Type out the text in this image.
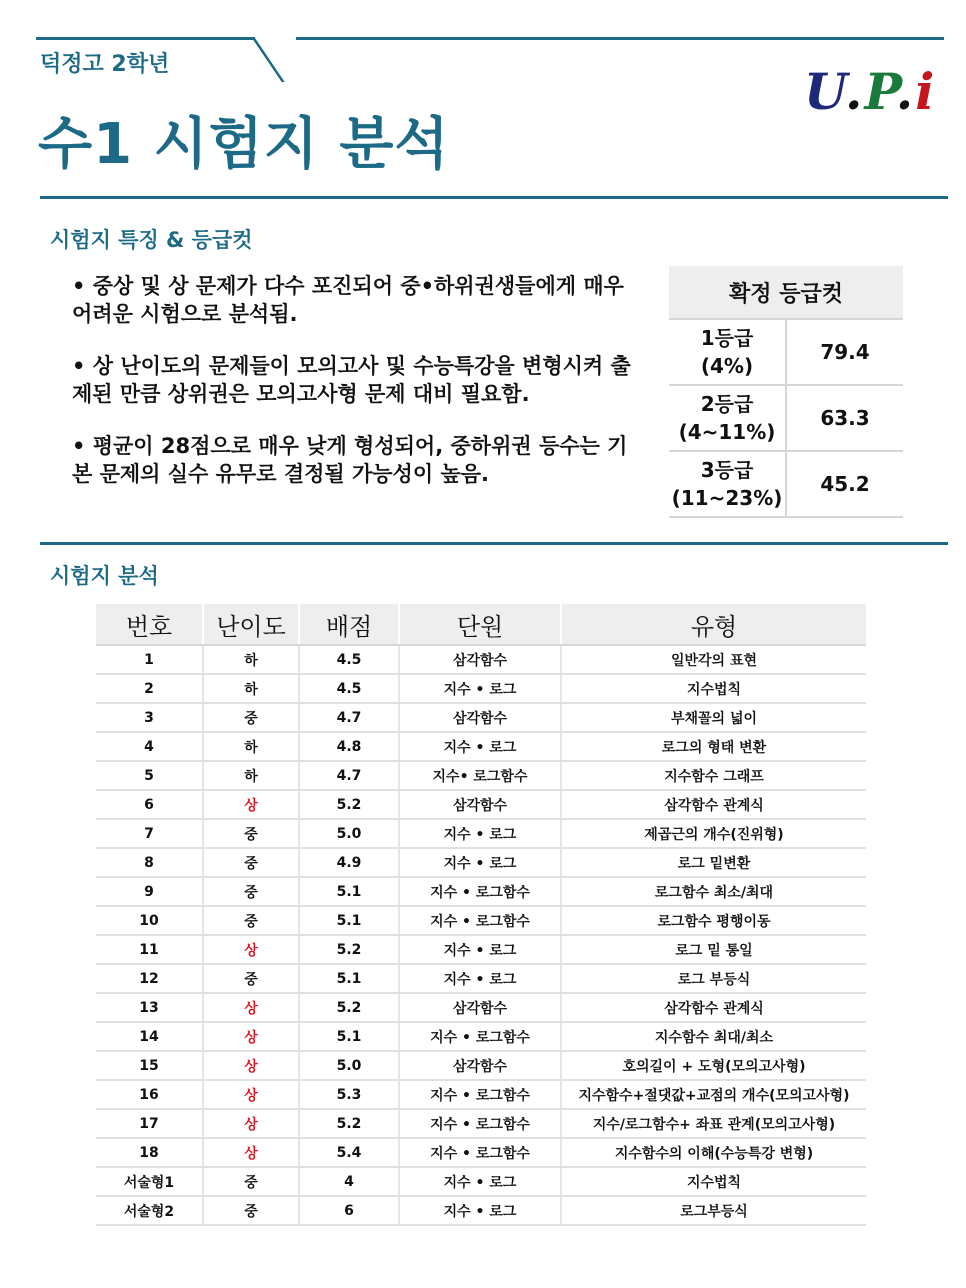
덕정고 2학년
수1 시험지 분석
U.P.i
시험지 특징 & 등급컷

• 중상 및 상 문제가 다수 포진되어 중•하위권생들에게 매우 어려운 시험으로 분석됨.

• 상 난이도의 문제들이 모의고사 및 수능특강을 변형시켜 출제된 만큼 상위권은 모의고사형 문제 대비 필요함.

• 평균이 28점으로 매우 낮게 형성되어, 중하위권 등수는 기본 문제의 실수 유무로 결정될 가능성이 높음.

확정 등급컷	

1등급
(4%)	79.4

2등급
(4~11%)	63.3

3등급
(11~23%)	45.2
시험지 분석
번호	난이도	배점	단원	유형
1	하	4.5	삼각함수	일반각의 표현
2	하	4.5	지수 • 로그	지수법칙
3	중	4.7	삼각함수	부채꼴의 넓이
4	하	4.8	지수 • 로그	로그의 형태 변환
5	하	4.7	지수• 로그함수	지수함수 그래프
6	상	5.2	삼각함수	삼각함수 관계식
7	중	5.0	지수 • 로그	제곱근의 개수(진위형)
8	중	4.9	지수 • 로그	로그 밑변환
9	중	5.1	지수 • 로그함수	로그함수 최소/최대
10	중	5.1	지수 • 로그함수	로그함수 평행이동
11	상	5.2	지수 • 로그	로그 밑 통일
12	중	5.1	지수 • 로그	로그 부등식
13	상	5.2	삼각함수	삼각함수 관계식
14	상	5.1	지수 • 로그함수	지수함수 최대/최소
15	상	5.0	삼각함수	호의길이 + 도형(모의고사형)
16	상	5.3	지수 • 로그함수	지수함수+절댓값+교점의 개수(모의고사형)
17	상	5.2	지수 • 로그함수	지수/로그함수+ 좌표 관계(모의고사형)
18	상	5.4	지수 • 로그함수	지수함수의 이해(수능특강 변형)
서술형1	중	4	지수 • 로그	지수법칙
서술형2	중	6	지수 • 로그	로그부등식
